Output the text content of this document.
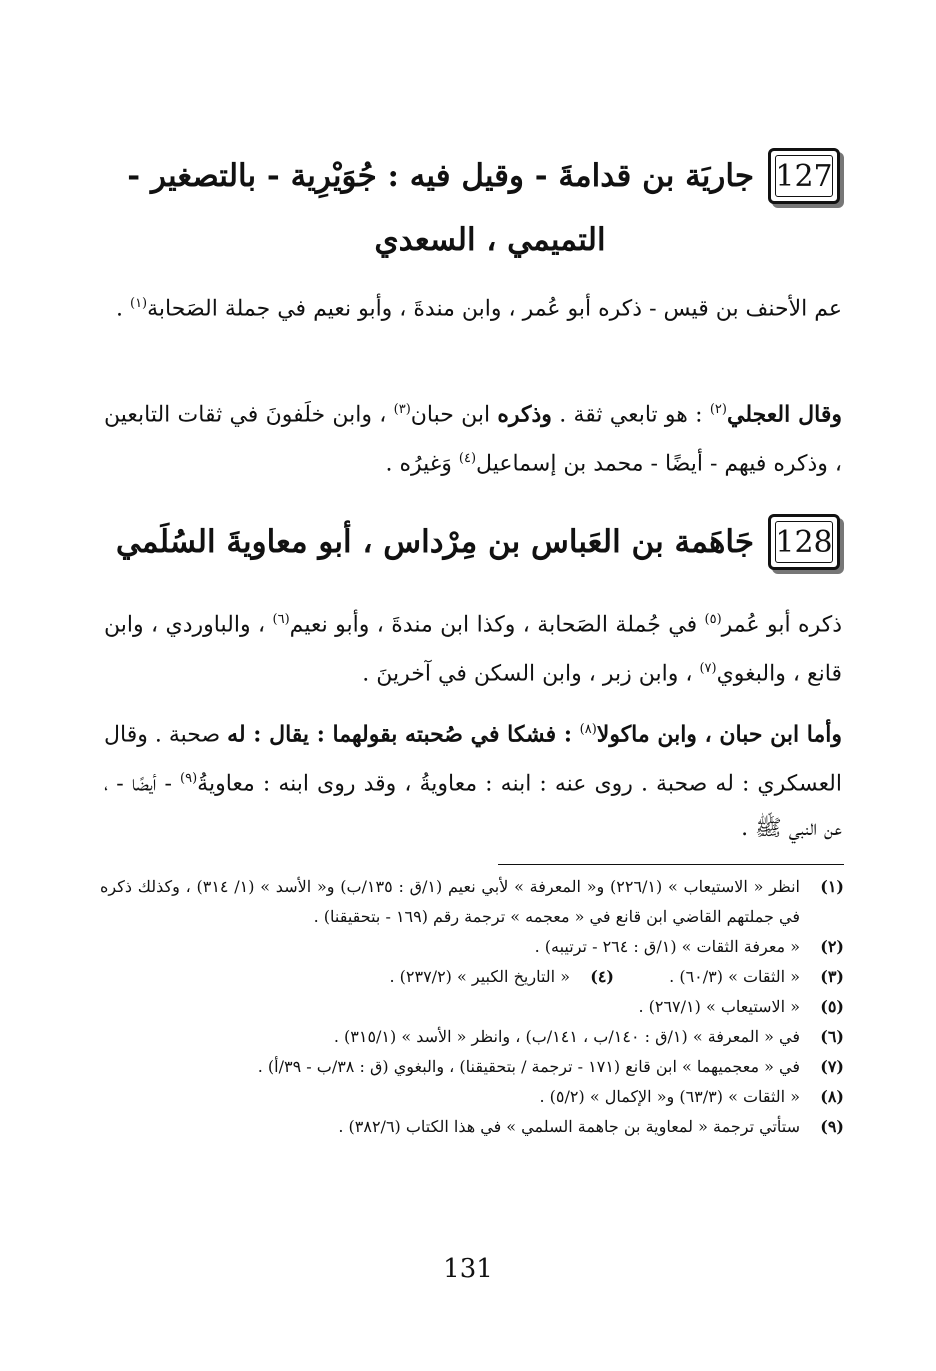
127
جاريَة بن قدامةَ - وقيل فيه : جُوَيْرِية - بالتصغير -
التميمي ، السعدي
عم الأحنف بن قيس - ذكره أبو عُمر ، وابن مندةَ ، وأبو نعيم في جملة الصَحابة$^{(١)}$ .
وقال العجلي$^{(٢)}$ : هو تابعي ثقة . وذكره ابن حبان$^{(٣)}$ ، وابن خلَفونَ في ثقات التابعين ، وذكره فيهم - أيضًا - محمد بن إسماعيل$^{(٤)}$ وَغيرُه .
128
جَاهَمة بن العَباس بن مِرْداس ، أبو معاويةَ السُلَمي
ذكره أبو عُمر$^{(٥)}$ في جُملة الصَحابة ، وكذا ابن مندةَ ، وأبو نعيم$^{(٦)}$ ، والباوردي ، وابن قانع ، والبغوي$^{(٧)}$ ، وابن زبر ، وابن السكن في آخرينَ .
وأما ابن حبان ، وابن ماكولا$^{(٨)}$ : فشكا في صُحبته بقولهما : يقال : له صحبة . وقال العسكري : له صحبة . روى عنه : ابنه : معاويةُ ، وقد روى ابنه : معاويةُ$^{(٩)}$ - أيضًا - ، عن النبي ﷺ .
(١)
انظر « الاستيعاب » (٢٢٦/١) و« المعرفة » لأبي نعيم (١/ق : ١٣٥/ب) و« الأسد » (١/ ٣١٤) ، وكذلك ذكره في جملتهم القاضي ابن قانع في « معجمه » ترجمة رقم (١٦٩ - بتحقيقنا) .
(٢)
« معرفة الثقات » (١/ق : ٢٦٤ - ترتيبه) .
(٣)
« الثقات » (٦٠/٣) .
(٤)
« التاريخ الكبير » (٢٣٧/٢) .
(٥)
« الاستيعاب » (٢٦٧/١) .
(٦)
في « المعرفة » (١/ق : ١٤٠/ب ، ١٤١/ب) ، وانظر « الأسد » (٣١٥/١) .
(٧)
في « معجميهما » ابن قانع (١٧١ - ترجمة / بتحقيقنا) ، والبغوي (ق : ٣٨/ب - ٣٩/أ) .
(٨)
« الثقات » (٦٣/٣) و« الإكمال » (٥/٢) .
(٩)
ستأتي ترجمة « لمعاوية بن جاهمة السلمي » في هذا الكتاب (٣٨٢/٦) .
131
